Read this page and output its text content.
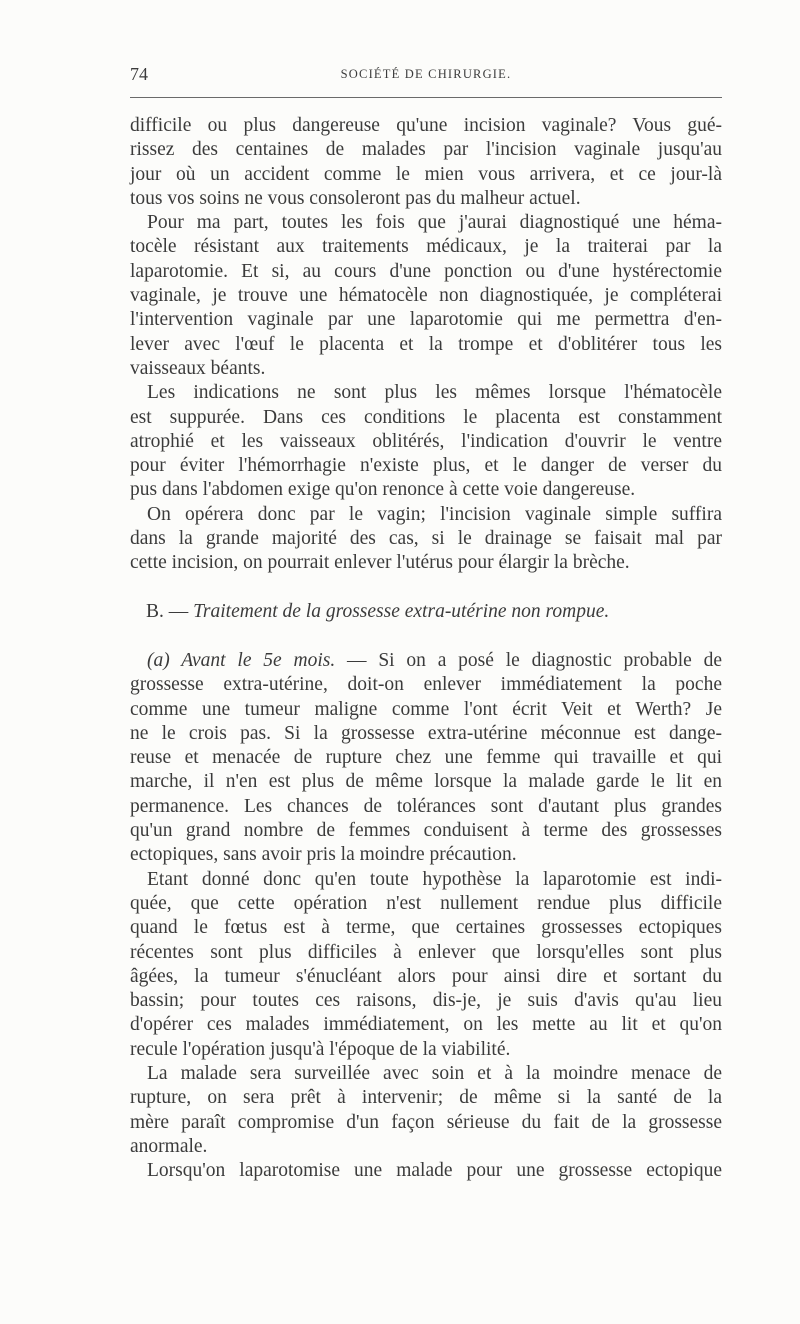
74	SOCIÉTÉ DE CHIRURGIE.
difficile ou plus dangereuse qu'une incision vaginale? Vous gué-
rissez des centaines de malades par l'incision vaginale jusqu'au
jour où un accident comme le mien vous arrivera, et ce jour-là
tous vos soins ne vous consoleront pas du malheur actuel.
Pour ma part, toutes les fois que j'aurai diagnostiqué une héma-
tocèle résistant aux traitements médicaux, je la traiterai par la
laparotomie. Et si, au cours d'une ponction ou d'une hystérectomie
vaginale, je trouve une hématocèle non diagnostiquée, je compléterai
l'intervention vaginale par une laparotomie qui me permettra d'en-
lever avec l'œuf le placenta et la trompe et d'oblitérer tous les
vaisseaux béants.
Les indications ne sont plus les mêmes lorsque l'hématocèle
est suppurée. Dans ces conditions le placenta est constamment
atrophié et les vaisseaux oblitérés, l'indication d'ouvrir le ventre
pour éviter l'hémorrhagie n'existe plus, et le danger de verser du
pus dans l'abdomen exige qu'on renonce à cette voie dangereuse.
On opérera donc par le vagin; l'incision vaginale simple suffira
dans la grande majorité des cas, si le drainage se faisait mal par
cette incision, on pourrait enlever l'utérus pour élargir la brèche.
B. — Traitement de la grossesse extra-utérine non rompue.
(a) Avant le 5e mois. — Si on a posé le diagnostic probable de
grossesse extra-utérine, doit-on enlever immédiatement la poche
comme une tumeur maligne comme l'ont écrit Veit et Werth? Je
ne le crois pas. Si la grossesse extra-utérine méconnue est dange-
reuse et menacée de rupture chez une femme qui travaille et qui
marche, il n'en est plus de même lorsque la malade garde le lit en
permanence. Les chances de tolérances sont d'autant plus grandes
qu'un grand nombre de femmes conduisent à terme des grossesses
ectopiques, sans avoir pris la moindre précaution.
Etant donné donc qu'en toute hypothèse la laparotomie est indi-
quée, que cette opération n'est nullement rendue plus difficile
quand le fœtus est à terme, que certaines grossesses ectopiques
récentes sont plus difficiles à enlever que lorsqu'elles sont plus
âgées, la tumeur s'énucléant alors pour ainsi dire et sortant du
bassin; pour toutes ces raisons, dis-je, je suis d'avis qu'au lieu
d'opérer ces malades immédiatement, on les mette au lit et qu'on
recule l'opération jusqu'à l'époque de la viabilité.
La malade sera surveillée avec soin et à la moindre menace de
rupture, on sera prêt à intervenir; de même si la santé de la
mère paraît compromise d'un façon sérieuse du fait de la grossesse
anormale.
Lorsqu'on laparotomise une malade pour une grossesse ectopique
